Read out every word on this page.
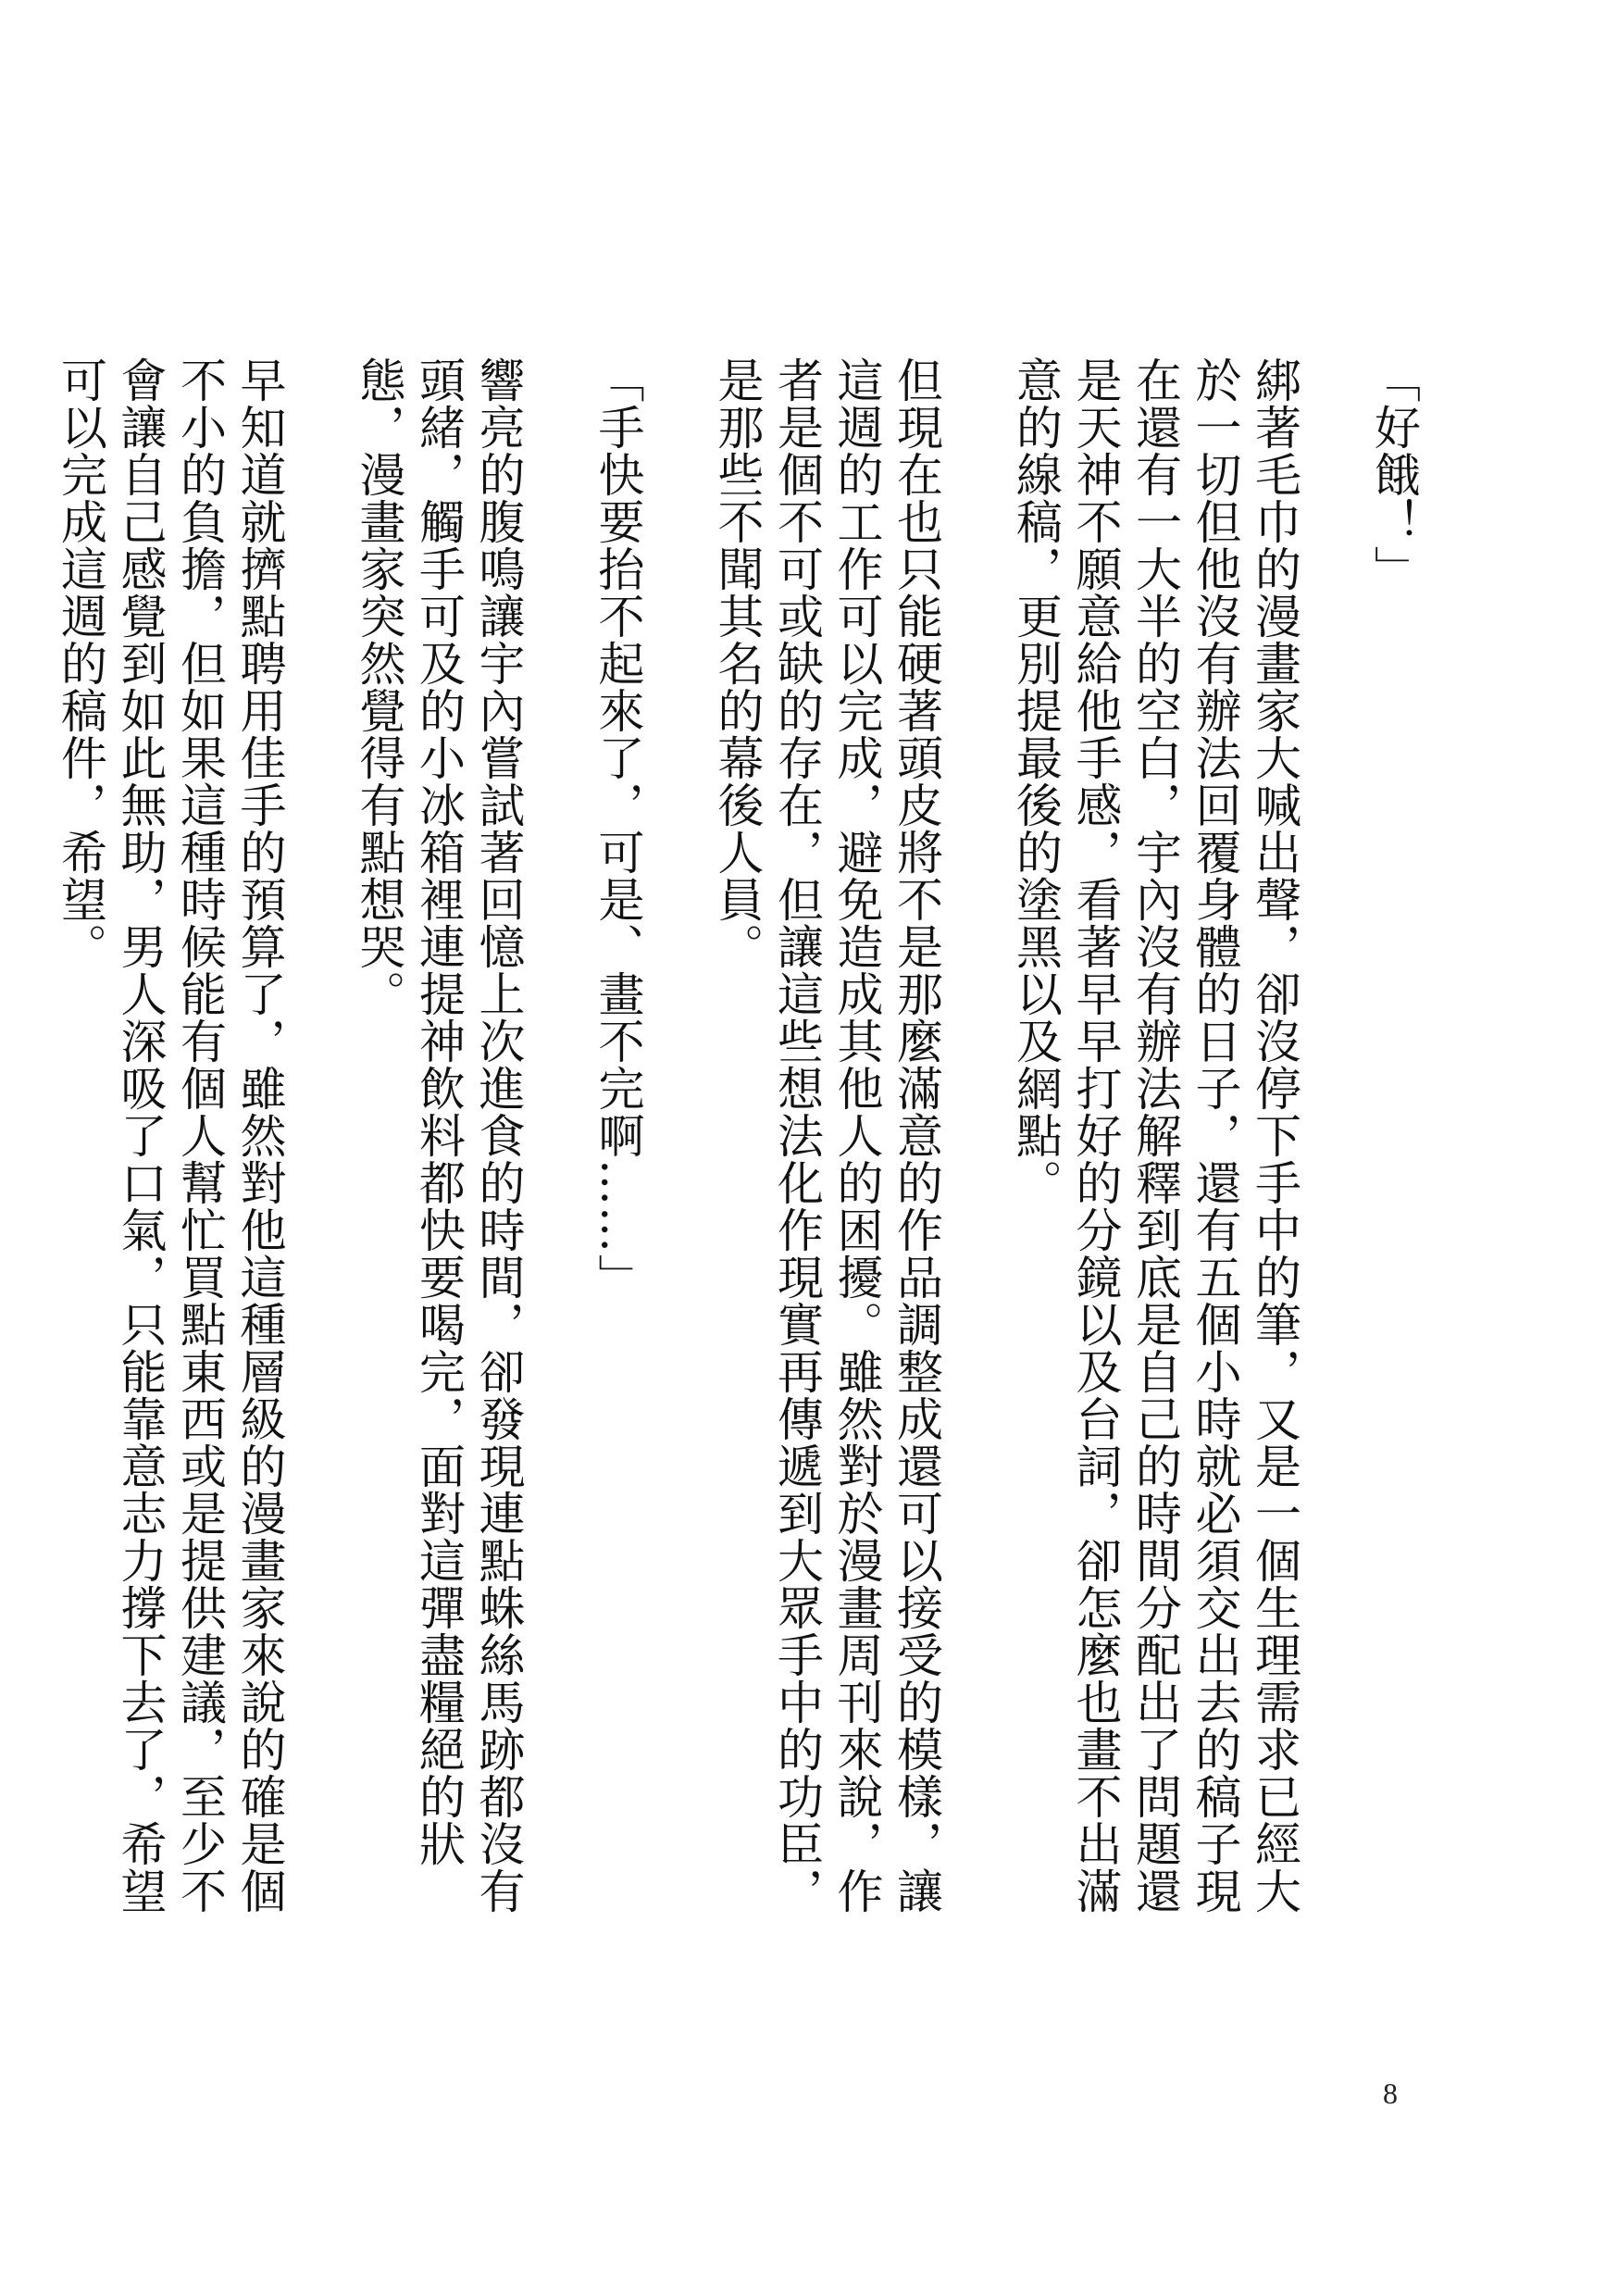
「好餓！」

綁著毛巾的漫畫家大喊出聲，卻沒停下手中的筆，又是一個生理需求已經大於一切但他沒有辦法回覆身體的日子，還有五個小時就必須交出去的稿子現在還有一大半的空白，宇內沒有辦法解釋到底是自己的時間分配出了問題還是天神不願意給他手感，看著早早打好的分鏡以及台詞，卻怎麼也畫不出滿意的線稿，更別提最後的塗黑以及網點。

但現在也只能硬著頭皮將不是那麼滿意的作品調整成還可以接受的模樣，讓這週的工作可以完成，避免造成其他人的困擾。雖然對於漫畫周刊來說，作者是個不可或缺的存在，但讓這些想法化作現實再傳遞到大眾手中的功臣，是那些不聞其名的幕後人員。

「手快要抬不起來了，可是、畫不完啊……」

響亮的腹鳴讓宇內嘗試著回憶上次進食的時間，卻發現連點蛛絲馬跡都沒有頭緒，觸手可及的小冰箱裡連提神飲料都快要喝完，面對這彈盡糧絕的狀態，漫畫家突然覺得有點想哭。

早知道就擠點聘用佳手的預算了，雖然對他這種層級的漫畫家來說的確是個不小的負擔，但如果這種時候能有個人幫忙買點東西或是提供建議，至少不會讓自己感覺到如此無助，男人深吸了口氣，只能靠意志力撐下去了，希望可以完成這週的稿件，希望。

8
